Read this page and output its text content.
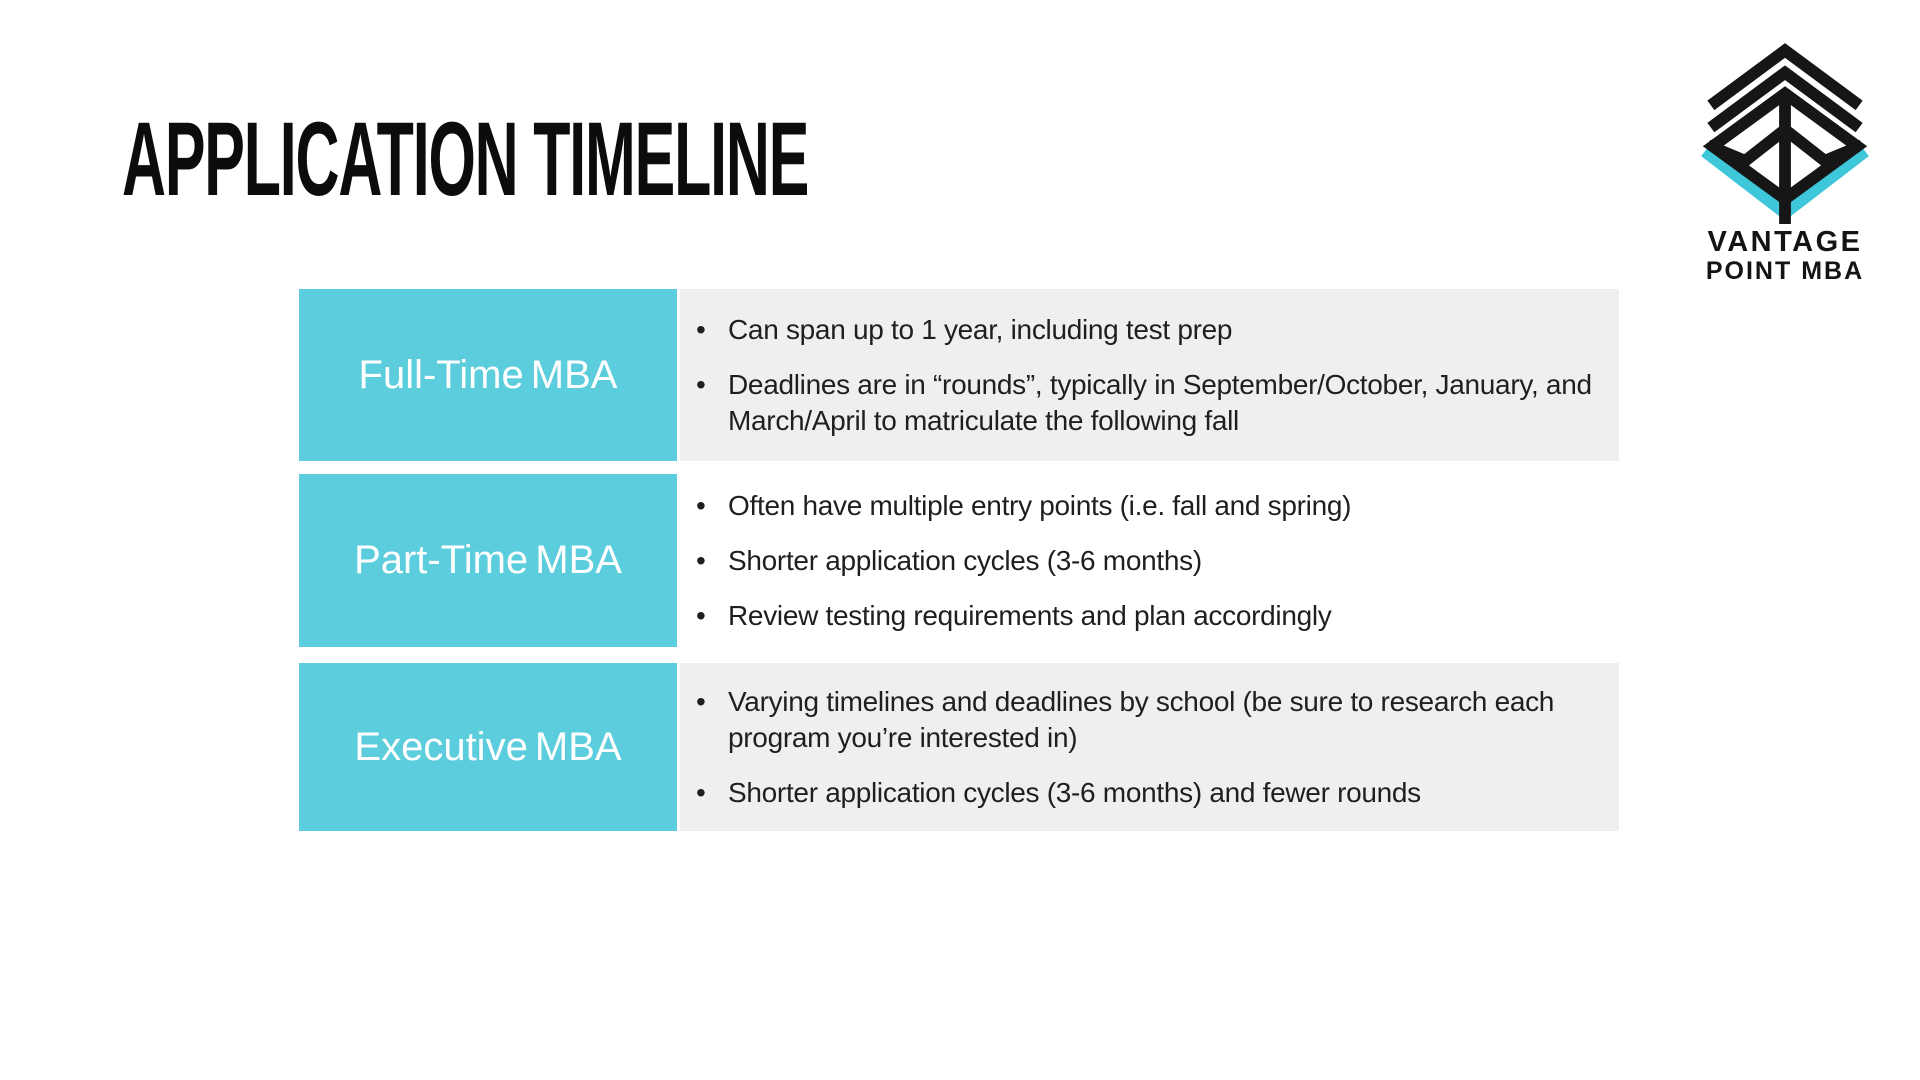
APPLICATION TIMELINE
VANTAGE
POINT MBA
Full-Time MBA
• Can span up to 1 year, including test prep
• Deadlines are in “rounds”, typically in September/October, January, and March/April to matriculate the following fall
Part-Time MBA
• Often have multiple entry points (i.e. fall and spring)
• Shorter application cycles (3-6 months)
• Review testing requirements and plan accordingly
Executive MBA
• Varying timelines and deadlines by school (be sure to research each program you’re interested in)
• Shorter application cycles (3-6 months) and fewer rounds
